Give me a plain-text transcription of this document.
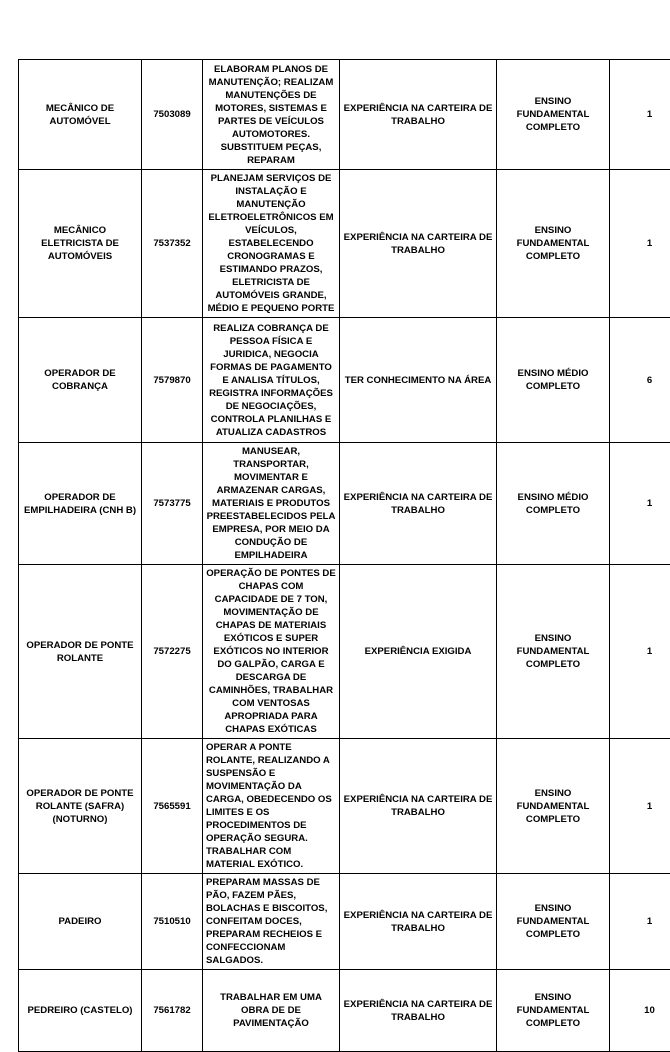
MECÂNICO DE AUTOMÓVEL	7503089	ELABORAM PLANOS DE MANUTENÇÃO; REALIZAM MANUTENÇÕES DE MOTORES, SISTEMAS E PARTES DE VEÍCULOS AUTOMOTORES. SUBSTITUEM PEÇAS, REPARAM	EXPERIÊNCIA NA CARTEIRA DE TRABALHO	ENSINO FUNDAMENTAL COMPLETO	1
MECÂNICO ELETRICISTA DE AUTOMÓVEIS	7537352	PLANEJAM SERVIÇOS DE INSTALAÇÃO E MANUTENÇÃO ELETROELETRÔNICOS EM VEÍCULOS, ESTABELECENDO CRONOGRAMAS E ESTIMANDO PRAZOS, ELETRICISTA DE AUTOMÓVEIS GRANDE, MÉDIO E PEQUENO PORTE	EXPERIÊNCIA NA CARTEIRA DE TRABALHO	ENSINO FUNDAMENTAL COMPLETO	1
OPERADOR DE COBRANÇA	7579870	REALIZA COBRANÇA DE PESSOA FÍSICA E JURIDICA, NEGOCIA FORMAS DE PAGAMENTO E ANALISA TÍTULOS, REGISTRA INFORMAÇÕES DE NEGOCIAÇÕES, CONTROLA PLANILHAS E ATUALIZA CADASTROS	TER CONHECIMENTO NA ÁREA	ENSINO MÉDIO COMPLETO	6
OPERADOR DE EMPILHADEIRA (CNH B)	7573775	MANUSEAR, TRANSPORTAR, MOVIMENTAR E ARMAZENAR CARGAS, MATERIAIS E PRODUTOS PREESTABELECIDOS PELA EMPRESA, POR MEIO DA CONDUÇÃO DE EMPILHADEIRA	EXPERIÊNCIA NA CARTEIRA DE TRABALHO	ENSINO MÉDIO COMPLETO	1
OPERADOR DE PONTE ROLANTE	7572275	OPERAÇÃO DE PONTES DE CHAPAS COM CAPACIDADE DE 7 TON, MOVIMENTAÇÃO DE CHAPAS DE MATERIAIS EXÓTICOS E SUPER EXÓTICOS NO INTERIOR DO GALPÃO, CARGA E DESCARGA DE CAMINHÕES, TRABALHAR COM VENTOSAS APROPRIADA PARA CHAPAS EXÓTICAS	EXPERIÊNCIA EXIGIDA	ENSINO FUNDAMENTAL COMPLETO	1
OPERADOR DE PONTE ROLANTE (SAFRA) (NOTURNO)	7565591	OPERAR A PONTE ROLANTE, REALIZANDO A SUSPENSÃO E MOVIMENTAÇÃO DA CARGA, OBEDECENDO OS LIMITES E OS PROCEDIMENTOS DE OPERAÇÃO SEGURA. TRABALHAR COM MATERIAL EXÓTICO.	EXPERIÊNCIA NA CARTEIRA DE TRABALHO	ENSINO FUNDAMENTAL COMPLETO	1
PADEIRO	7510510	PREPARAM MASSAS DE PÃO, FAZEM PÃES, BOLACHAS E BISCOITOS, CONFEITAM DOCES, PREPARAM RECHEIOS E CONFECCIONAM SALGADOS.	EXPERIÊNCIA NA CARTEIRA DE TRABALHO	ENSINO FUNDAMENTAL COMPLETO	1
PEDREIRO (CASTELO)	7561782	TRABALHAR EM UMA OBRA DE DE PAVIMENTAÇÃO	EXPERIÊNCIA NA CARTEIRA DE TRABALHO	ENSINO FUNDAMENTAL COMPLETO	10
